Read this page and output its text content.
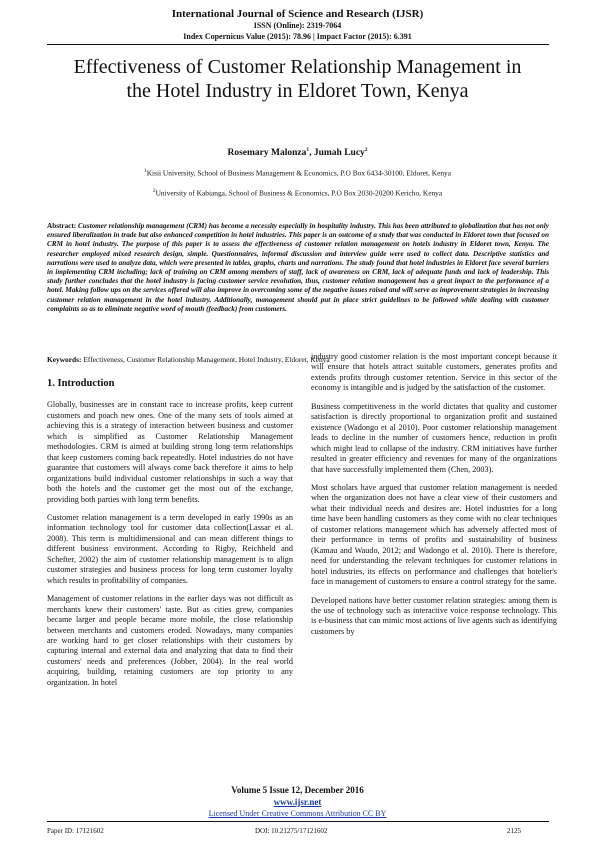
International Journal of Science and Research (IJSR)
ISSN (Online): 2319-7064
Index Copernicus Value (2015): 78.96 | Impact Factor (2015): 6.391
Effectiveness of Customer Relationship Management in the Hotel Industry in Eldoret Town, Kenya
Rosemary Malonza$^1$, Jumah Lucy$^2$
$^1$Kisii University, School of Business Management & Economics, P.O Box 6434-30100, Eldoret, Kenya
$^2$University of Kabianga, School of Business & Economics, P.O Box 2030-20200 Kericho, Kenya
Abstract: Customer relationship management (CRM) has become a necessity especially in hospitality industry. This has been attributed to globalization that has not only ensured liberalization in trade but also enhanced competition in hotel industries. This paper is an outcome of a study that was conducted in Eldoret town that focused on CRM in hotel industry. The purpose of this paper is to assess the effectiveness of customer relation management on hotels industry in Eldoret town, Kenya. The researcher employed mixed research design, simple. Questionnaires, informal discussion and interview guide were used to collect data. Descriptive statistics and narrations were used to analyze data, which were presented in tables, graphs, charts and narrations. The study found that hotel industries in Eldoret face several barriers in implementing CRM including; lack of training on CRM among members of staff, lack of awareness on CRM, lack of adequate funds and lack of leadership. This study further concludes that the hotel industry is facing customer service revolution, thus, customer relation management has a great impact to the performance of a hotel. Making follow ups on the services offered will also improve in overcoming some of the negative issues raised and will serve as improvement strategies in increasing customer relation management in the hotel industry. Additionally, management should put in place strict guidelines to be followed while dealing with customer complaints so as to eliminate negative word of mouth (feedback) from customers.
Keywords: Effectiveness, Customer Relationship Management, Hotel Industry, Eldoret, Kenya
1. Introduction

Globally, businesses are in constant race to increase profits, keep current customers and poach new ones. One of the many sets of tools aimed at achieving this is a strategy of interaction between business and customer which is simplified as Customer Relationship Management methodologies. CRM is aimed at building strong long term relationships that keep customers coming back repeatedly. Hotel industries do not have guarantee that customers will always come back therefore it aims to help organizations build individual customer relationships in such a way that both the hotels and the customer get the most out of the exchange, providing both parties with long term benefits.

Customer relation management is a term developed in early 1990s as an information technology tool for customer data collection(Lassar et al. 2008). This term is multidimensional and can mean different things to different business environment. According to Rigby, Reichheld and Schefter, 2002) the aim of customer relationship management is to align customer strategies and business process for long term customer loyalty which results in profitability of companies.

Management of customer relations in the earlier days was not difficult as merchants knew their customers' taste. But as cities grew, companies became larger and people became more mobile, the close relationship between merchants and customers eroded. Nowadays, many companies are working hard to get closer relationships with their customers by capturing internal and external data and analyzing that data to find their customers' needs and preferences (Jobber, 2004). In the real world acquiring, building, retaining customers are top priority to any organization. In hotel

industry good customer relation is the most important concept because it will ensure that hotels attract suitable customers, generates profits and extends profits through customer retention. Service in this sector of the economy is intangible and is judged by the satisfaction of the customer.

Business competitiveness in the world dictates that quality and customer satisfaction is directly proportional to organization profit and sustained existence (Wadongo et al 2010). Poor customer relationship management leads to decline in the number of customers hence, reduction in profit which might lead to collapse of the industry. CRM initiatives have further resulted in greater efficiency and revenues for many of the organizations that have successfully implemented them (Chen, 2003).

Most scholars have argued that customer relation management is needed when the organization does not have a clear view of their customers and what their individual needs and desires are. Hotel industries for a long time have been handling customers as they come with no clear techniques of customer relations management which has adversely affected most of their performance in terms of profits and sustainability of business (Kamau and Waudo, 2012; and Wadongo et al. 2010). There is therefore, need for understanding the relevant techniques for customer relations in hotel industries, its effects on performance and challenges that hotelier's face in management of customers to ensure a control strategy for the same.

Developed nations have better customer relation strategies: among them is the use of technology such as interactive voice response technology. This is e-business that can mimic most actions of live agents such as identifying customers by

Volume 5 Issue 12, December 2016
www.ijsr.net
Licensed Under Creative Commons Attribution CC BY
Paper ID: 17121602	DOI: 10.21275/17121602	2125
